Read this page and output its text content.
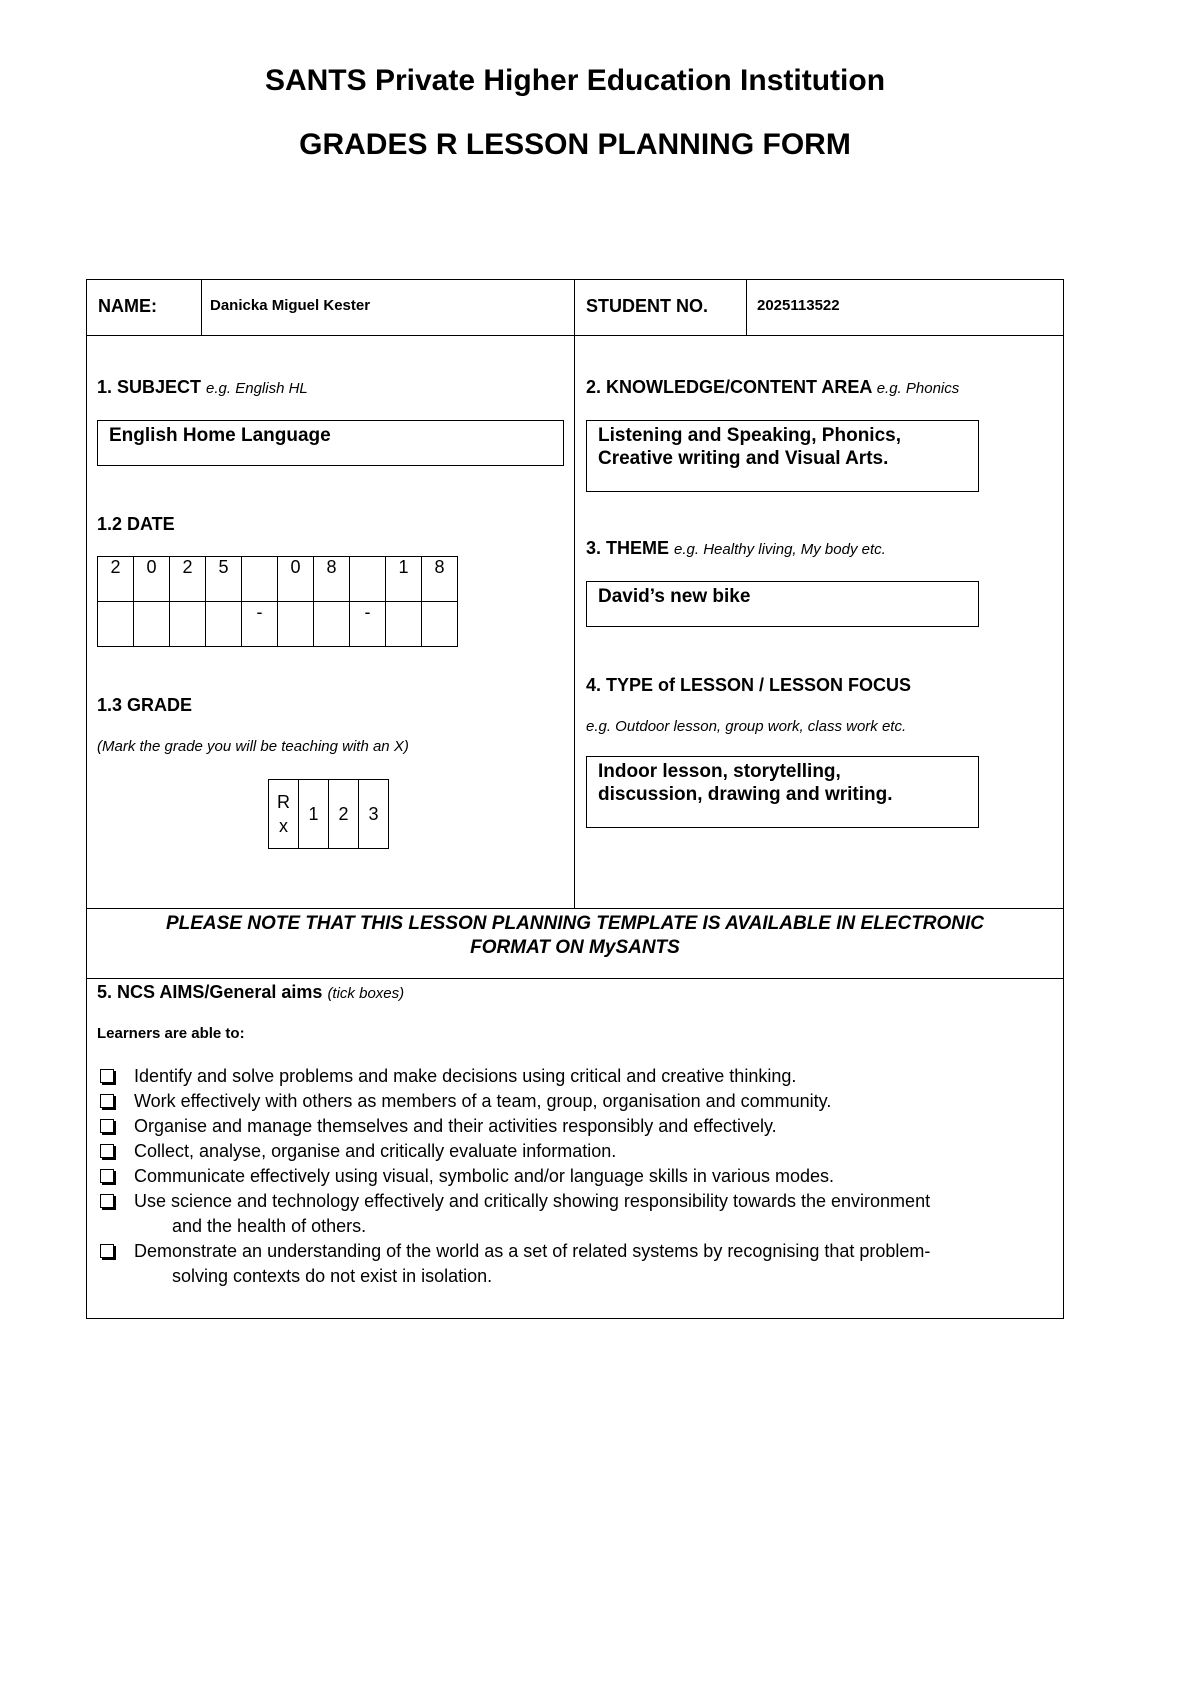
SANTS Private Higher Education Institution
GRADES R LESSON PLANNING FORM
NAME:	Danicka Miguel Kester	STUDENT NO.	2025113522
1. SUBJECT e.g. English HL
English Home Language
1.2 DATE
2	0	2	5		0	8		1	8
				-			-		
1.3 GRADE
(Mark the grade you will be teaching with an X)
R
x	1	2	3
2. KNOWLEDGE/CONTENT AREA e.g. Phonics
Listening and Speaking, Phonics,
Creative writing and Visual Arts.
3. THEME e.g. Healthy living, My body etc.
David’s new bike
4. TYPE of LESSON / LESSON FOCUS
e.g. Outdoor lesson, group work, class work etc.
Indoor lesson, storytelling,
discussion, drawing and writing.
PLEASE NOTE THAT THIS LESSON PLANNING TEMPLATE IS AVAILABLE IN ELECTRONIC
FORMAT ON MySANTS
5. NCS AIMS/General aims (tick boxes)
Learners are able to:
Identify and solve problems and make decisions using critical and creative thinking.
Work effectively with others as members of a team, group, organisation and community.
Organise and manage themselves and their activities responsibly and effectively.
Collect, analyse, organise and critically evaluate information.
Communicate effectively using visual, symbolic and/or language skills in various modes.
Use science and technology effectively and critically showing responsibility towards the environment
and the health of others.
Demonstrate an understanding of the world as a set of related systems by recognising that problem-
solving contexts do not exist in isolation.
